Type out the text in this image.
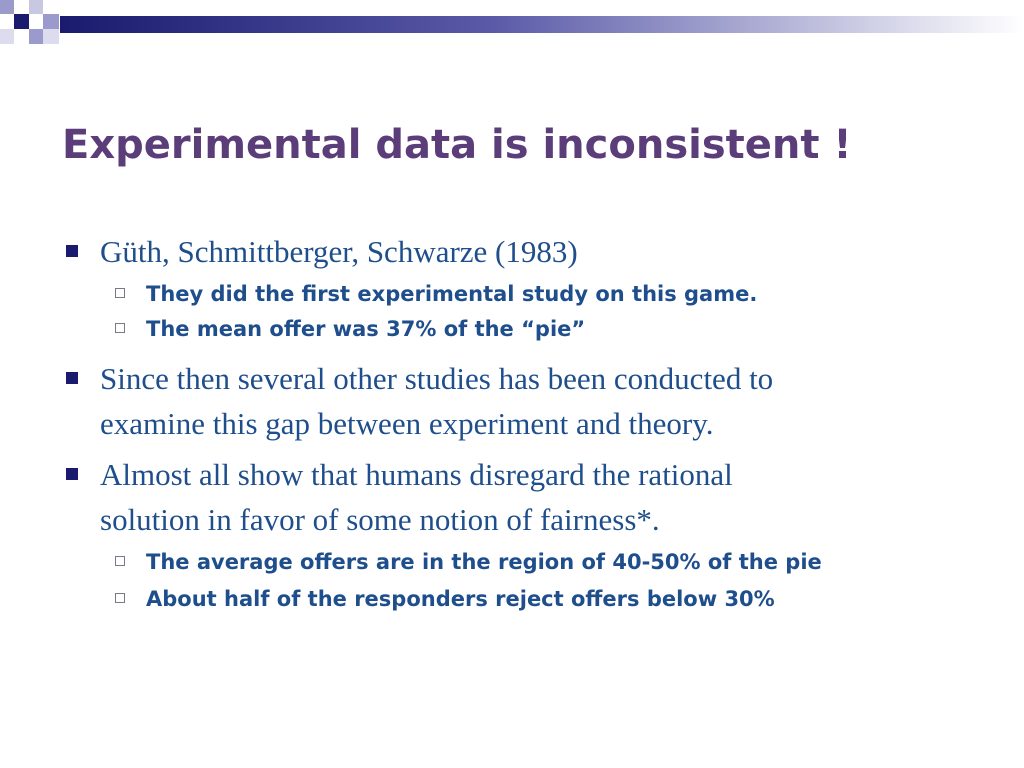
Experimental data is inconsistent !
Güth, Schmittberger, Schwarze (1983)
They did the first experimental study on this game.
The mean offer was 37% of the “pie”
Since then several other studies has been conducted to
examine this gap between experiment and theory.
Almost all show that humans disregard the rational
solution in favor of some notion of fairness*.
The average offers are in the region of 40-50% of the pie
About half of the responders reject offers below 30%
